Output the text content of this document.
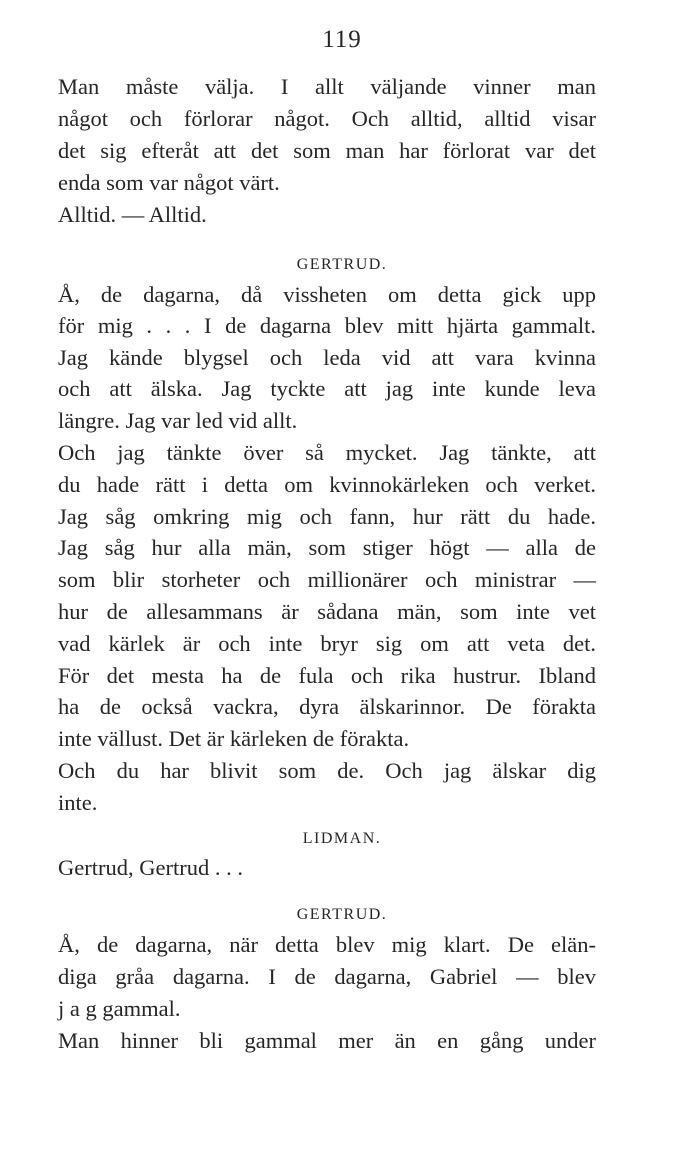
119
Man måste välja. I allt väljande vinner man
något och förlorar något. Och alltid, alltid visar
det sig efteråt att det som man har förlorat var det
enda som var något värt.
Alltid. — Alltid.
GERTRUD.
Å, de dagarna, då vissheten om detta gick upp
för mig . . . I de dagarna blev mitt hjärta gammalt.
Jag kände blygsel och leda vid att vara kvinna
och att älska. Jag tyckte att jag inte kunde leva
längre. Jag var led vid allt.
Och jag tänkte över så mycket. Jag tänkte, att
du hade rätt i detta om kvinnokärleken och verket.
Jag såg omkring mig och fann, hur rätt du hade.
Jag såg hur alla män, som stiger högt — alla de
som blir storheter och millionärer och ministrar —
hur de allesammans är sådana män, som inte vet
vad kärlek är och inte bryr sig om att veta det.
För det mesta ha de fula och rika hustrur. Ibland
ha de också vackra, dyra älskarinnor. De förakta
inte vällust. Det är kärleken de förakta.
Och du har blivit som de. Och jag älskar dig
inte.
LIDMAN.
Gertrud, Gertrud . . .
GERTRUD.
Å, de dagarna, när detta blev mig klart. De elän-
diga gråa dagarna. I de dagarna, Gabriel — blev
j a g gammal.
Man hinner bli gammal mer än en gång under
